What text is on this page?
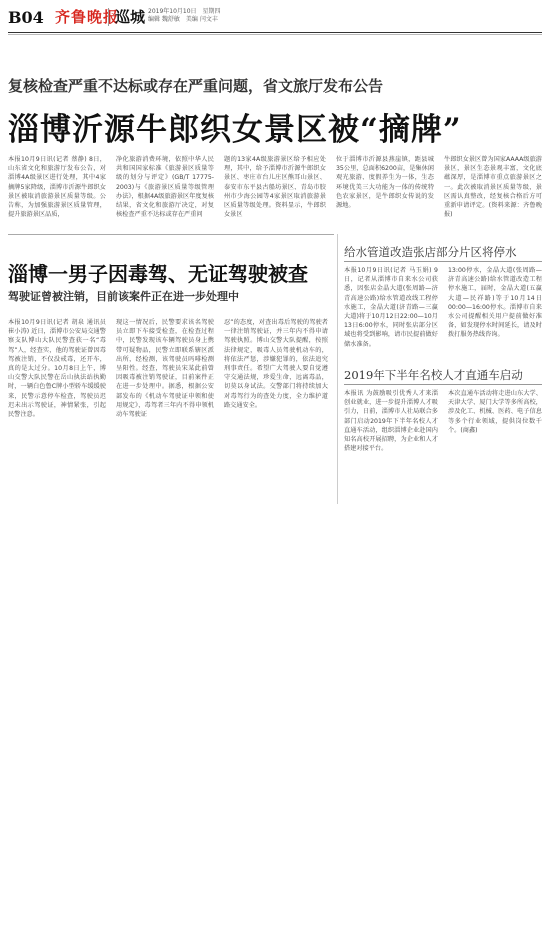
B04 齐鲁晚报
巡城 2019年10月10日　星期四
编辑 魏舒敏　美编 闫文丰
复核检查严重不达标或存在严重问题，省文旅厅发布公告
淄博沂源牛郎织女景区被“摘牌”
本报10月9日讯(记者 蔡静) 8日，山东省文化和旅游厅发布公告，对淄博4A级景区进行处理，其中4家摘牌5家降级，淄博市沂源牛郎织女景区被取消旅游景区质量等级。公告称，为加强旅游景区质量管理，提升旅游景区品质，
净化旅游消费环境，依照中华人民共和国国家标准《旅游景区质量等级的划分与评定》(GB/T 17775-2003)与《旅游景区质量等级管理办法》，根据4A级旅游景区年度复核结果，省文化和旅游厅决定，对复核检查严重不达标或存在严重问
题的13家4A级旅游景区给予相应处理，其中，给予淄博市沂源牛郎织女景区、枣庄市台儿庄区熊耳山景区、泰安市东平县古船坊景区、青岛市胶州市少海公园等4家景区取消旅游景区质量等级处理。资料显示，牛郎织女景区
位于淄博市沂源县燕崖镇，距县城35公里，总面积6200亩，是集休闲观光旅游、度假养生为一体，生态环境优美三大功能为一体的传统特色农家景区，是牛郎织女传说的发源地。
牛郎织女景区曾为国家AAAA级旅游景区，景区生态景观丰富，文化底蕴深厚，是淄博市重点旅游景区之一。此次被取消景区质量等级，景区需认真整改，经复核合格后方可重新申请评定。(资料来源：齐鲁晚报)
淄博一男子因毒驾、无证驾驶被查
驾驶证曾被注销，目前该案件正在进一步处理中
本报10月9日讯(记者 胡泉 通讯员 崔小涛) 近日，淄博市公安局交通警察支队博山大队民警查获一名“毒驾”人，经查实，他的驾驶证曾因毒驾被注销，不仅没戒毒，还开车，真的是太过分。10月8日上午，博山交警大队民警在岳山执法站执勤时，一辆白色鲁C牌小型轿车缓缓驶来，民警示意停车检查，驾驶员迟迟未出示驾驶证，神情紧张，引起民警注意。
现这一情况后，民警要求该名驾驶员立即下车接受检查，在检查过程中，民警发现该车辆驾驶员身上携带可疑物品，民警立即联系辖区派出所，经检测，该驾驶员吗啡检测呈阳性。经查，驾驶员宋某此前曾因吸毒被注销驾驶证，目前案件正在进一步处理中。据悉，根据公安部发布的《机动车驾驶证申领和使用规定》，毒驾者三年内不得申领机动车驾驶证
忍”的态度，对查出毒后驾驶的驾驶者一律注销驾驶证，并三年内不得申请驾驶执照。博山交警大队提醒，按照法律规定，吸毒人员驾驶机动车的，将依法严惩，涉嫌犯罪的，依法追究刑事责任。希望广大驾驶人要自觉遵守交通法规，珍爱生命，远离毒品，切莫以身试法。交警部门将持续加大对毒驾行为的查处力度，全力维护道路交通安全。
给水管道改造张店部分片区将停水
本报10月9日讯(记者 马玉娟) 9日，记者从淄博市自来水公司获悉，因张店金晶大道(张周路—济青高速公路)给水管道改线工程停水施工，金晶大道(济青路—三赢大道)将于10月12日22:00—10月13日6:00停水，同时张店部分区域也将受到影响，请市民提前做好储水准备。
13:00停水，金晶大道(张周路—济青高速公路)给水管道改造工程停水施工，届时，金晶大道(五赢大道—民祥路)等于10月14日00:00—16:00停水。淄博市自来水公司提醒相关用户提前做好准备，如发现停水时间延长，请及时拨打服务热线咨询。
2019年下半年名校人才直通车启动
本报讯 为鼓励吸引优秀人才来淄创业就业，进一步提升淄博人才吸引力，日前，淄博市人社局联合多部门启动2019年下半年名校人才直通车活动，组织淄博企业赴国内知名高校开展招聘，为企业和人才搭建对接平台。
本次直通车活动将走进山东大学、天津大学、厦门大学等多所高校，涉及化工、机械、医药、电子信息等多个行业领域，提供岗位数千个。(商鑫)
